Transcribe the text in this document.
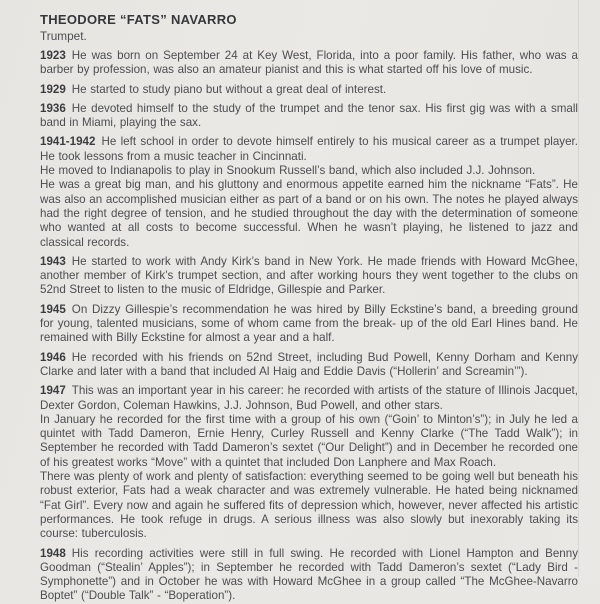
THEODORE “FATS” NAVARRO
Trumpet.

1923 He was born on September 24 at Key West, Florida, into a poor family. His father, who was a barber by profession, was also an amateur pianist and this is what started off his love of music.

1929 He started to study piano but without a great deal of interest.

1936 He devoted himself to the study of the trumpet and the tenor sax. His first gig was with a small band in Miami, playing the sax.

1941-1942 He left school in order to devote himself entirely to his musical career as a trumpet player. He took lessons from a music teacher in Cincinnati.
He moved to Indianapolis to play in Snookum Russell’s band, which also included J.J. Johnson.
He was a great big man, and his gluttony and enormous appetite earned him the nickname “Fats”. He was also an accomplished musician either as part of a band or on his own. The notes he played always had the right degree of tension, and he studied throughout the day with the determination of someone who wanted at all costs to become successful. When he wasn’t playing, he listened to jazz and classical records.

1943 He started to work with Andy Kirk’s band in New York. He made friends with Howard McGhee, another member of Kirk’s trumpet section, and after working hours they went together to the clubs on 52nd Street to listen to the music of Eldridge, Gillespie and Parker.

1945 On Dizzy Gillespie’s recommendation he was hired by Billy Eckstine’s band, a breeding ground for young, talented musicians, some of whom came from the break- up of the old Earl Hines band. He remained with Billy Eckstine for almost a year and a half.

1946 He recorded with his friends on 52nd Street, including Bud Powell, Kenny Dorham and Kenny Clarke and later with a band that included Al Haig and Eddie Davis (“Hollerin’ and Screamin’”).

1947 This was an important year in his career: he recorded with artists of the stature of Illinois Jacquet, Dexter Gordon, Coleman Hawkins, J.J. Johnson, Bud Powell, and other stars.
In January he recorded for the first time with a group of his own (“Goin’ to Minton’s”); in July he led a quintet with Tadd Dameron, Ernie Henry, Curley Russell and Kenny Clarke (“The Tadd Walk”); in September he recorded with Tadd Dameron’s sextet (“Our Delight”) and in December he recorded one of his greatest works “Move” with a quintet that included Don Lanphere and Max Roach.
There was plenty of work and plenty of satisfaction: everything seemed to be going well but beneath his robust exterior, Fats had a weak character and was extremely vulnerable. He hated being nicknamed “Fat Girl”. Every now and again he suffered fits of depression which, however, never affected his artistic performances. He took refuge in drugs. A serious illness was also slowly but inexorably taking its course: tuberculosis.

1948 His recording activities were still in full swing. He recorded with Lionel Hampton and Benny Goodman (“Stealin’ Apples”); in September he recorded with Tadd Dameron’s sextet (“Lady Bird - Symphonette”) and in October he was with Howard McGhee in a group called “The McGhee-Navarro Boptet” (“Double Talk” - “Boperation”).
